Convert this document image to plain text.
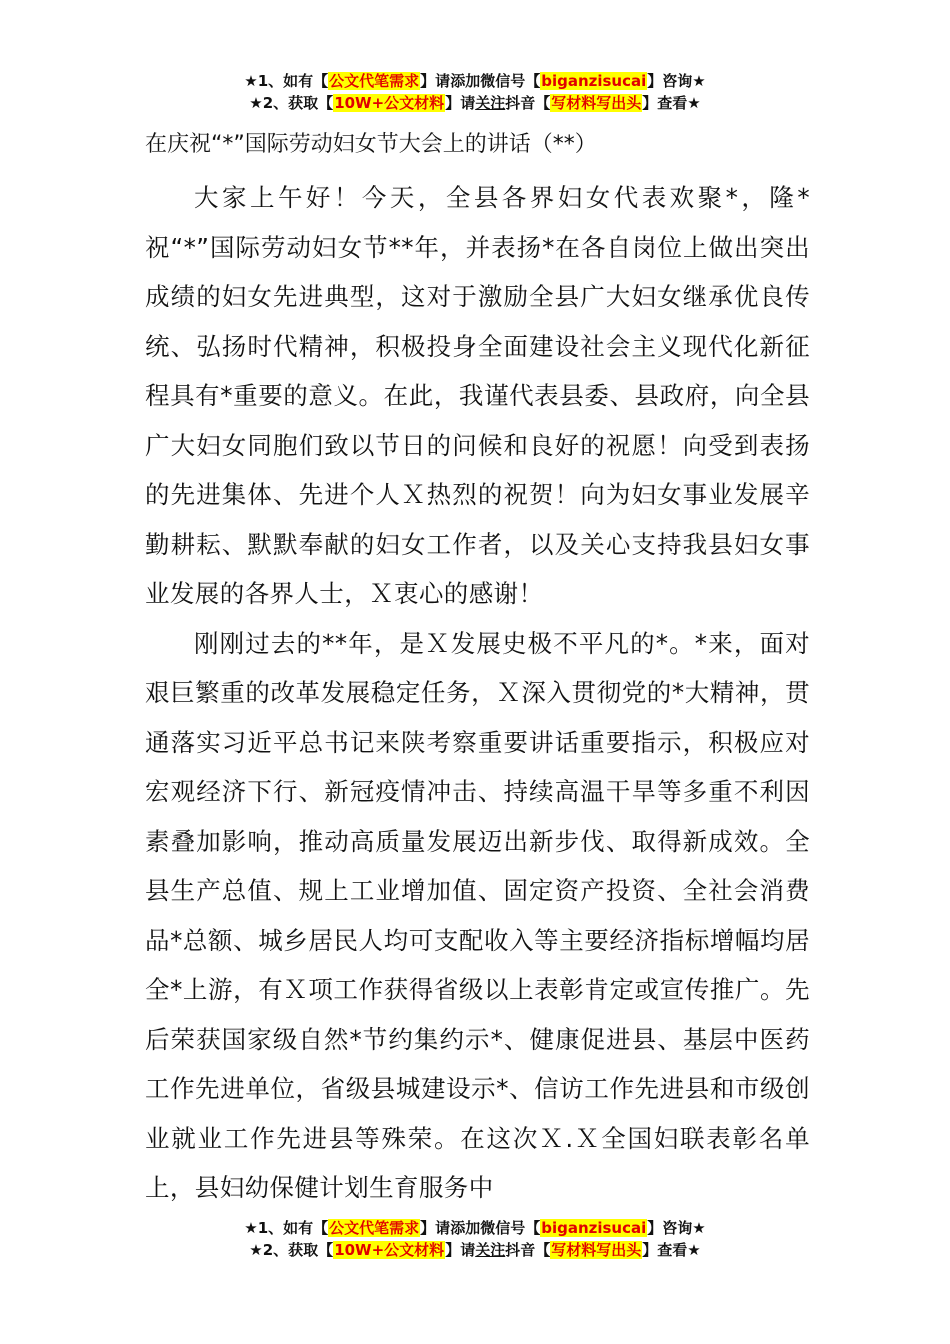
★1、如有【公文代笔需求】请添加微信号【biganzisucai】咨询★
★2、获取【10W+公文材料】请关注抖音【写材料写出头】查看★
在庆祝“*”国际劳动妇女节大会上的讲话（**）

大家上午好！今天，全县各界妇女代表欢聚*，隆*祝“*”国际劳动妇女节**年，并表扬*在各自岗位上做出突出成绩的妇女先进典型，这对于激励全县广大妇女继承优良传统、弘扬时代精神，积极投身全面建设社会主义现代化新征程具有*重要的意义。在此，我谨代表县委、县政府，向全县广大妇女同胞们致以节日的问候和良好的祝愿！向受到表扬的先进集体、先进个人Ｘ热烈的祝贺！向为妇女事业发展辛勤耕耘、默默奉献的妇女工作者，以及关心支持我县妇女事业发展的各界人士，Ｘ衷心的感谢！

刚刚过去的**年，是Ｘ发展史极不平凡的*。*来，面对艰巨繁重的改革发展稳定任务，Ｘ深入贯彻党的*大精神，贯通落实习近平总书记来陕考察重要讲话重要指示，积极应对宏观经济下行、新冠疫情冲击、持续高温干旱等多重不利因素叠加影响，推动高质量发展迈出新步伐、取得新成效。全县生产总值、规上工业增加值、固定资产投资、全社会消费品*总额、城乡居民人均可支配收入等主要经济指标增幅均居全*上游，有Ｘ项工作获得省级以上表彰肯定或宣传推广。先后荣获国家级自然*节约集约示*、健康促进县、基层中医药工作先进单位，省级县城建设示*、信访工作先进县和市级创业就业工作先进县等殊荣。在这次Ｘ.Ｘ全国妇联表彰名单上，县妇幼保健计划生育服务中

★1、如有【公文代笔需求】请添加微信号【biganzisucai】咨询★
★2、获取【10W+公文材料】请关注抖音【写材料写出头】查看★
